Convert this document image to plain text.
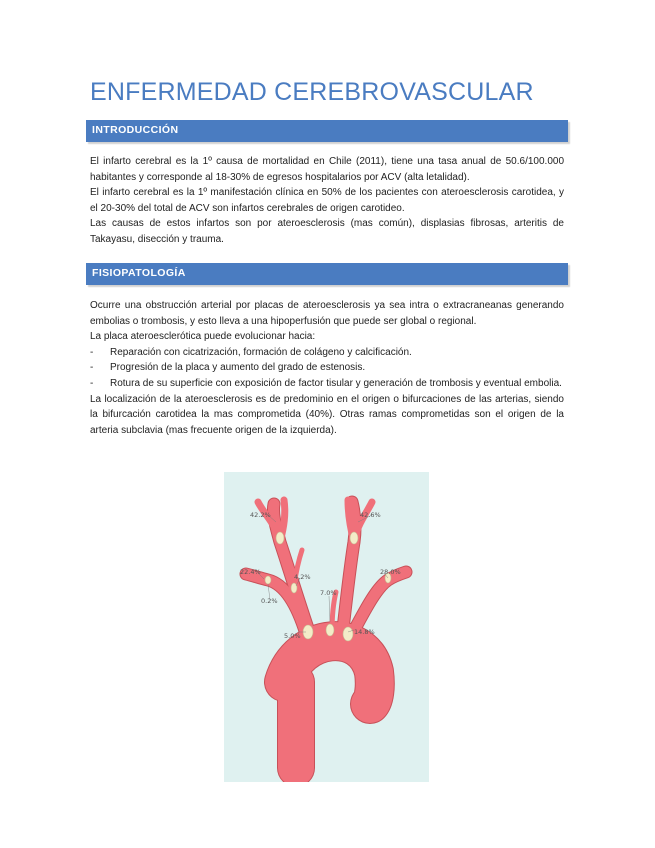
ENFERMEDAD CEREBROVASCULAR
INTRODUCCIÓN

El infarto cerebral es la 1º causa de mortalidad en Chile (2011), tiene una tasa anual de 50.6/100.000 habitantes y corresponde al 18-30% de egresos hospitalarios por ACV (alta letalidad).

El infarto cerebral es la 1º manifestación clínica en 50% de los pacientes con ateroesclerosis carotidea, y el 20-30% del total de ACV son infartos cerebrales de origen carotideo.

Las causas de estos infartos son por ateroesclerosis (mas común), displasias fibrosas, arteritis de Takayasu, disección y trauma.

FISIOPATOLOGÍA

Ocurre una obstrucción arterial por placas de ateroesclerosis ya sea intra o extracraneanas generando embolias o trombosis, y esto lleva a una hipoperfusión que puede ser global o regional.

La placa ateroesclerótica puede evolucionar hacia:

- Reparación con cicatrización, formación de colágeno y calcificación.
- Progresión de la placa y aumento del grado de estenosis.
- Rotura de su superficie con exposición de factor tisular y generación de trombosis y eventual embolia.

La localización de la ateroesclerosis es de predominio en el origen o bifurcaciones de las arterias, siendo la bifurcación carotidea la mas comprometida (40%). Otras ramas comprometidas son el origen de la arteria subclavia (mas frecuente origen de la izquierda).

42.2%	42.6%
22.4%
4.2%
7.0%
28.0%
0.2%
5.0%	14.8%
